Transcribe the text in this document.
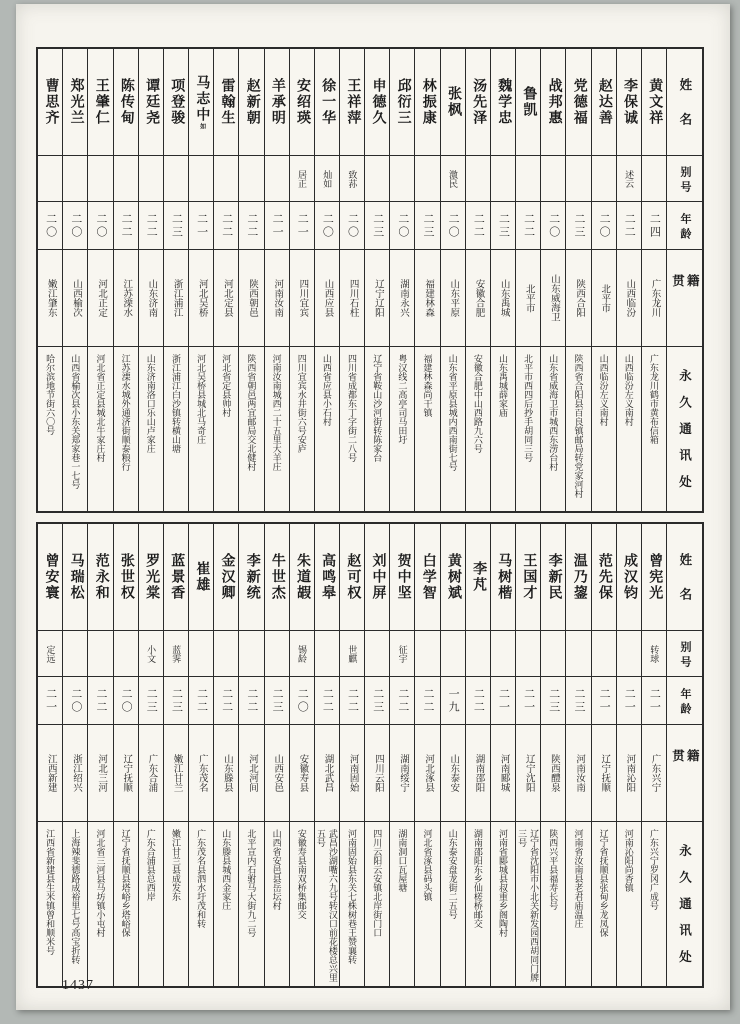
姓名
别号
年龄
籍贯
永久通讯处
黄文祥
二四
广东龙川
广东龙川鹤市黄布信箱
李保诚
述云
二二
山西临汾
山西临汾左义南村
赵达善
二〇
北平市
山西临汾左义南村
党德福
二三
陕西合阳
陕西省合阳县百良镇邮局转党家河村
战邦惠
二〇
山东威海卫
山东省威海卫市城西东涝台村
鲁凯
二二
北平市
北平市西四后抄手胡同三号
魏学忠
二三
山东禹城
山东禹城薛家庙
汤先泽
二二
安徽合肥
安徽合肥中山西路九六号
张枫
激民
二〇
山东平原
山东省平原县城内西南街七号
林振康
二三
福建林森
福建林森尚干镇
邱衍三
二〇
湖南永兴
粤汉线二高亭司马田圩
申德久
二三
辽宁辽阳
辽宁省鞍山沙河街转陈家台
王祥萍
致荪
二〇
四川石柱
四川省成都东丁字街二八号
徐一华
灿如
二〇
山西应县
山西省应县小石村
安绍瑛
居正
二一
四川宜宾
四川宜宾水井街六号安庐
羊承明
二一
河南汝南
河南汝南城西二十五里大羊庄
赵新朝
二二
陕西朝邑
陕西省朝邑两宜邮局交北健村
雷翰生
二二
河北定县
河北省定县帅村
马志中
如
二一
河北吴桥
河北吴桥县城北马奇庄
项登骏
二三
浙江浦江
浙江浦江白沙镇转横山塘
谭廷尧
二二
山东济南
山东济南洛口乐山卢家庄
陈传甸
二二
江苏溧水
江苏溧水城外通济街顺泰粮行
王肇仁
二〇
河北正定
河北省正定县城北牛家庄村
郑光兰
二〇
山西榆次
山西省榆次县小东关郑家巷一七号
曹思齐
二〇
嫩江肇东
哈尔滨地节街六〇号
姓名
别号
年龄
籍贯
永久通讯处
曾宪光
转球
二一
广东兴宁
广东兴宁罗冈广成号
成汉钧
二一
河南沁阳
河南沁阳尚香镇
范先保
二一
辽宁抚顺
辽宁省抚顺县张甸乡龙凤保
温乃鋆
二三
河南汝南
河南省汝南县老君庙温庄
李新民
二三
陕西醴泉
陕西兴平县福寿长号
王国才
二一
辽宁沈阳
辽宁省沈阳市小北关新发园西胡同门牌三号
马树楷
二一
河南郾城
河南省郾城县叔重乡阁陶村
李芃
二二
湖南邵阳
湖南邵阳东乡仙槎桥邮交
黄树斌
一九
山东泰安
山东泰安盘龙街二五号
白学智
二二
河北涿县
河北省涿县码头镇
贺中坚
征宇
二二
湖南绥宁
湖南洞口瓦屋塘
刘中屏
二三
四川云阳
四川云阳云安镇北岸街门口
赵可权
世麒
二二
河南固始
河南固始县东关七株树巷王赞襄转
高鸣皋
二二
湖北武昌
武昌沙湖嘴六九号转汉口前花楼总兴里五号
朱道嘏
锡龄
二〇
安徽寿县
安徽寿县南双桥集邮交
牛世杰
二三
山西安邑
山西省安邑县岳坛村
李新统
二二
河北河间
北平宣内石驸马大街九二号
金汉卿
二二
山东滕县
山东滕县城西金家庄
崔雄
二二
广东茂名
广东茂名县泗水圩茂和转
蓝景香
蓝霁
二三
嫩江甘兰
嫩江甘兰县成发东
罗光棠
小文
二三
广东合浦
广东合浦县总西岸
张世权
二〇
辽宁抚顺
辽宁省抚顺县塔峪乡塔峪保
范永和
二二
河北三河
河北省三河县马坊镇小屯村
马瑞松
二〇
浙江绍兴
上海辣斐德路成裕里七号高宝折转
曾安寰
定远
二一
江西新建
江西省新建县生米镇曾和顺米号
1437
